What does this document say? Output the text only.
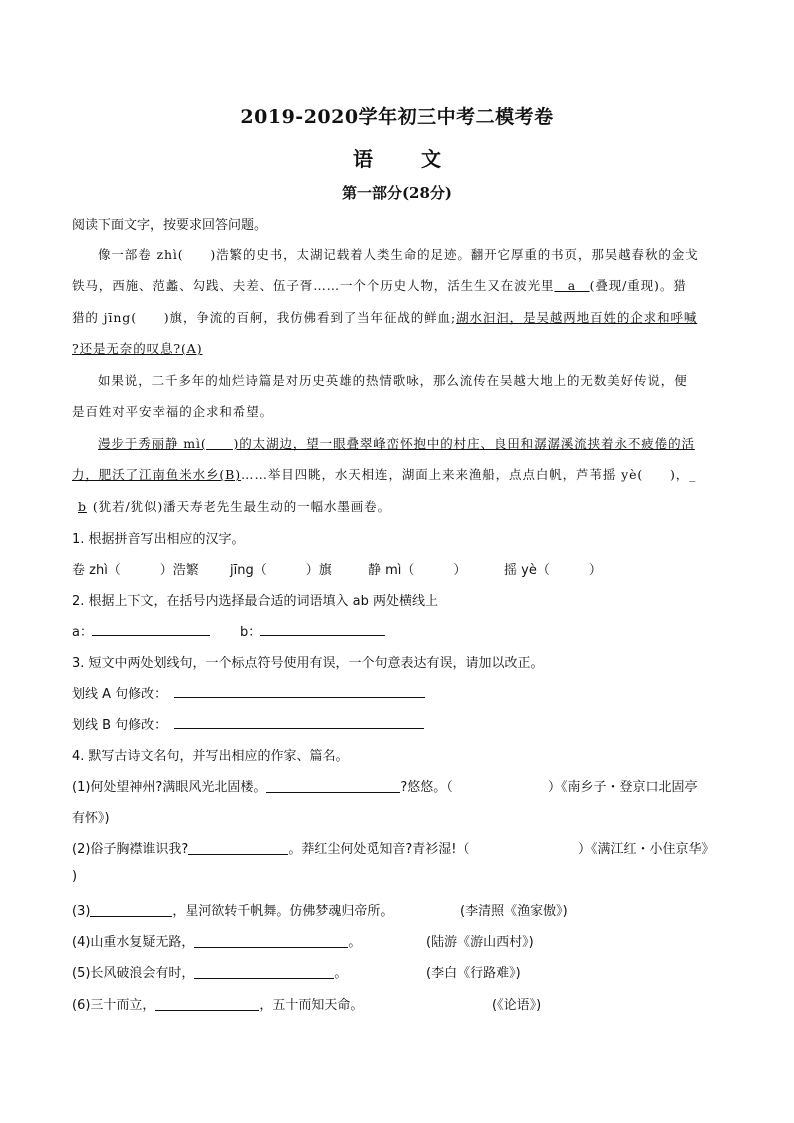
2019-2020学年初三中考二模考卷
语　文
第一部分(28分)
阅读下面文字，按要求回答问题。
像一部卷 zhì(　　)浩繁的史书，太湖记载着人类生命的足迹。翻开它厚重的书页，那吴越春秋的金戈
铁马，西施、范蠡、勾践、夫差、伍子胥……一个个历史人物，活生生又在波光里　a　(叠现/重现)。猎
猎的 jīng(　　)旗，争流的百舸，我仿佛看到了当年征战的鲜血;湖水汩汩，是吴越两地百姓的企求和呼喊
?还是无奈的叹息?(A)
如果说，二千多年的灿烂诗篇是对历史英雄的热情歌咏，那么流传在吴越大地上的无数美好传说，便
是百姓对平安幸福的企求和希望。
漫步于秀丽静 mì(　　)的太湖边，望一眼叠翠峰峦怀抱中的村庄、良田和潺潺溪流挟着永不疲倦的活
力，肥沃了江南鱼米水乡(B)……举目四眺，水天相连，湖面上来来渔船，点点白帆，芦苇摇 yè(　　)，_
b (犹若/犹似)潘天寿老先生最生动的一幅水墨画卷。
1. 根据拼音写出相应的汉字。
卷 zhì（　　　）浩繁 jīng（　　　）旗	静 mì（　　　）	摇 yè（　　　）
2. 根据上下文，在括号内选择最合适的词语填入 ab 两处横线上
a：	b：
3. 短文中两处划线句，一个标点符号使用有误，一个句意表达有误，请加以改正。
划线 A 句修改：
划线 B 句修改：
4. 默写古诗文名句，并写出相应的作家、篇名。
(1)何处望神州?满眼风光北固楼。	?悠悠。（	）《南乡子・登京口北固亭
有怀》)
(2)俗子胸襟谁识我?	。莽红尘何处觅知音?青衫湿!（	）《满江红・小住京华》
)
(3)	，星河欲转千帆舞。仿佛梦魂归帝所。	(李清照《渔家傲》)
(4)山重水复疑无路，	。	(陆游《游山西村》)
(5)长风破浪会有时，	。	(李白《行路难》)
(6)三十而立，	，五十而知天命。	(《论语》)
